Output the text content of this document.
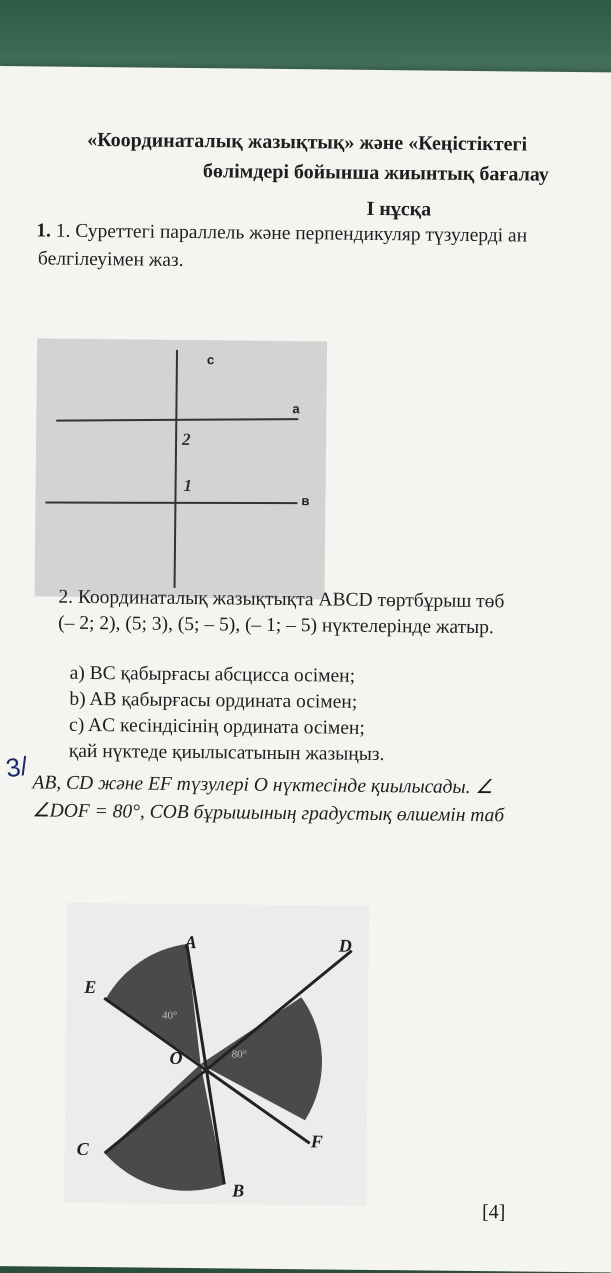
«Координаталық жазықтық» және «Кеңістіктегі
бөлімдері бойынша жиынтық бағалау
I нұсқа
1. 1. Суреттегі параллель және перпендикуляр түзулерді ан
белгілеуімен жаз.
c
a
в
2
1
2. Координаталық жазықтықта ABCD төртбұрыш төб
(– 2; 2), (5; 3), (5; – 5), (– 1; – 5) нүктелерінде жатыр.
a) BC қабырғасы абсцисса осімен;
b) AB қабырғасы ордината осімен;
c) AC кесіндісінің ордината осімен;
қай нүктеде қиылысатынын жазыңыз.
AB, CD және EF түзулері O нүктесінде қиылысады. ∠
∠DOF = 80°, COB бұрышының градустық өлшемін таб
A	D
E
O
F
C
B
40°
80°
[4]
3/
